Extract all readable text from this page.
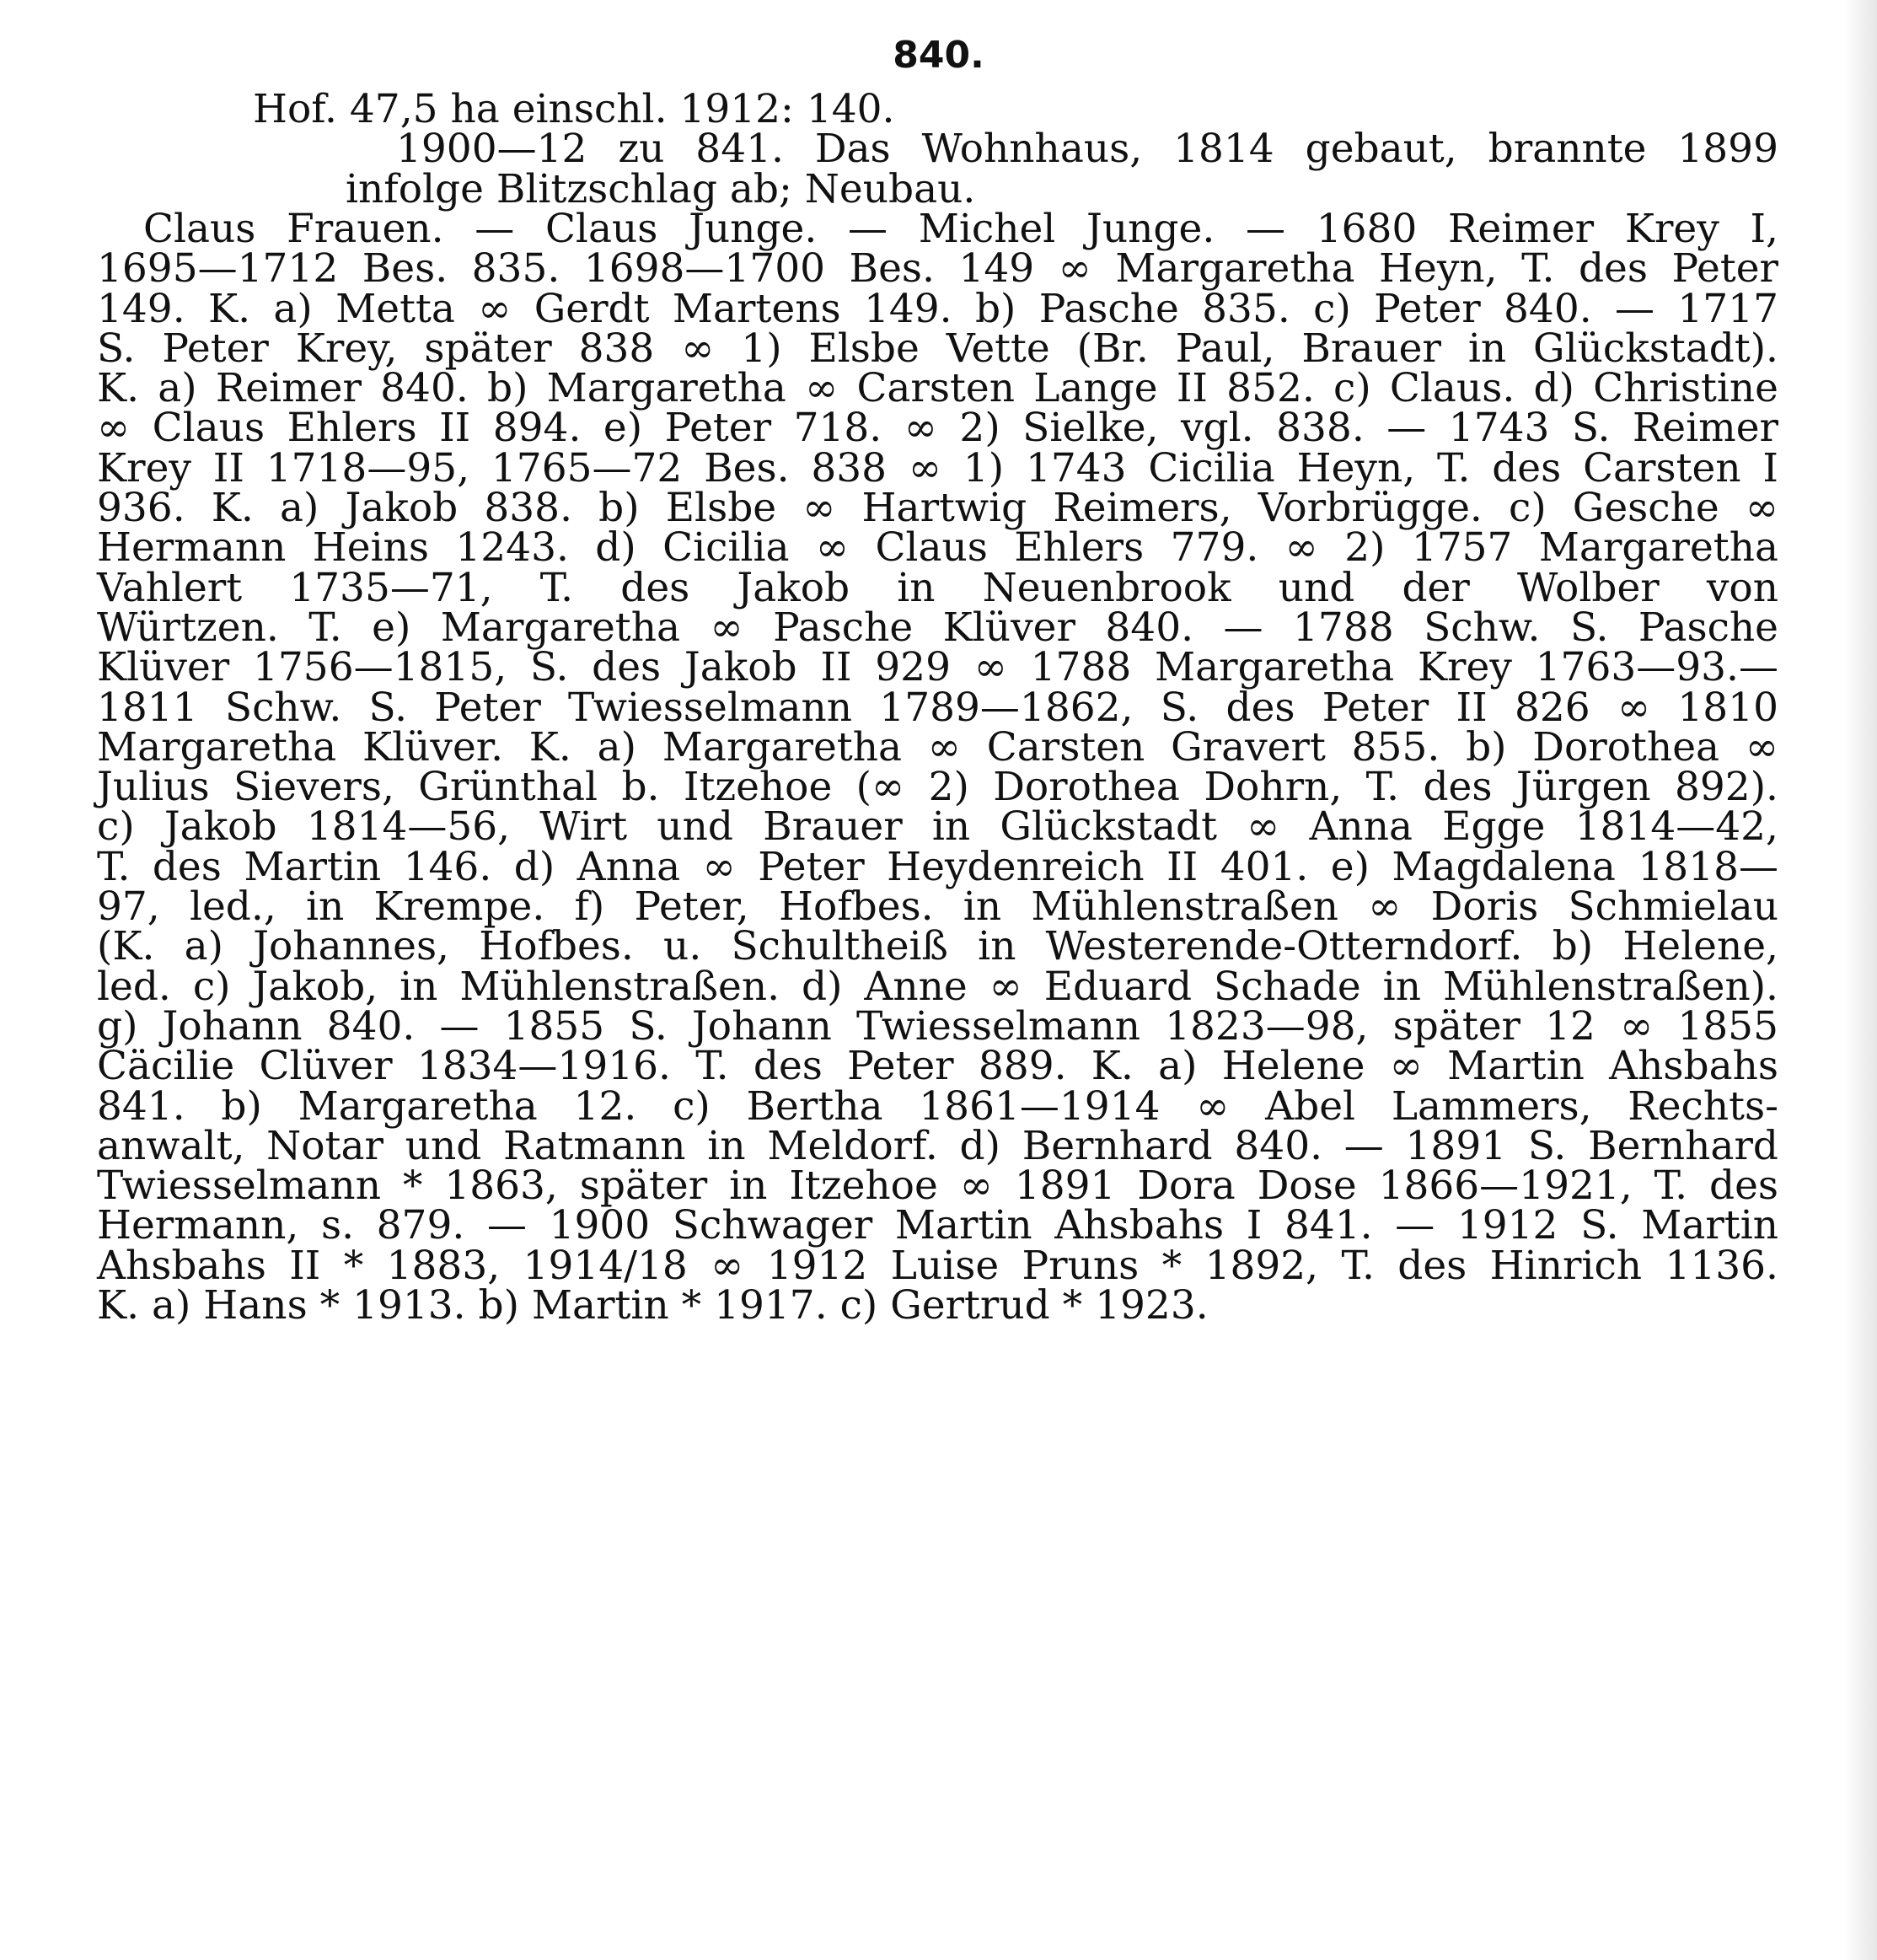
840.
Hof. 47,5 ha einschl. 1912: 140.
1900—12 zu 841. Das Wohnhaus, 1814 gebaut, brannte 1899
infolge Blitzschlag ab; Neubau.
Claus Frauen. — Claus Junge. — Michel Junge. — 1680 Reimer Krey I,
1695—1712 Bes. 835. 1698—1700 Bes. 149 ∞ Margaretha Heyn, T. des Peter
149. K. a) Metta ∞ Gerdt Martens 149. b) Pasche 835. c) Peter 840. — 1717
S. Peter Krey, später 838 ∞ 1) Elsbe Vette (Br. Paul, Brauer in Glückstadt).
K. a) Reimer 840. b) Margaretha ∞ Carsten Lange II 852. c) Claus. d) Christine
∞ Claus Ehlers II 894. e) Peter 718. ∞ 2) Sielke, vgl. 838. — 1743 S. Reimer
Krey II 1718—95, 1765—72 Bes. 838 ∞ 1) 1743 Cicilia Heyn, T. des Carsten I
936. K. a) Jakob 838. b) Elsbe ∞ Hartwig Reimers, Vorbrügge. c) Gesche ∞
Hermann Heins 1243. d) Cicilia ∞ Claus Ehlers 779. ∞ 2) 1757 Margaretha
Vahlert 1735—71, T. des Jakob in Neuenbrook und der Wolber von
Würtzen. T. e) Margaretha ∞ Pasche Klüver 840. — 1788 Schw. S. Pasche
Klüver 1756—1815, S. des Jakob II 929 ∞ 1788 Margaretha Krey 1763—93.—
1811 Schw. S. Peter Twiesselmann 1789—1862, S. des Peter II 826 ∞ 1810
Margaretha Klüver. K. a) Margaretha ∞ Carsten Gravert 855. b) Dorothea ∞
Julius Sievers, Grünthal b. Itzehoe (∞ 2) Dorothea Dohrn, T. des Jürgen 892).
c) Jakob 1814—56, Wirt und Brauer in Glückstadt ∞ Anna Egge 1814—42,
T. des Martin 146. d) Anna ∞ Peter Heydenreich II 401. e) Magdalena 1818—
97, led., in Krempe. f) Peter, Hofbes. in Mühlenstraßen ∞ Doris Schmielau
(K. a) Johannes, Hofbes. u. Schultheiß in Westerende-Otterndorf. b) Helene,
led. c) Jakob, in Mühlenstraßen. d) Anne ∞ Eduard Schade in Mühlenstraßen).
g) Johann 840. — 1855 S. Johann Twiesselmann 1823—98, später 12 ∞ 1855
Cäcilie Clüver 1834—1916. T. des Peter 889. K. a) Helene ∞ Martin Ahsbahs
841. b) Margaretha 12. c) Bertha 1861—1914 ∞ Abel Lammers, Rechts-
anwalt, Notar und Ratmann in Meldorf. d) Bernhard 840. — 1891 S. Bernhard
Twiesselmann * 1863, später in Itzehoe ∞ 1891 Dora Dose 1866—1921, T. des
Hermann, s. 879. — 1900 Schwager Martin Ahsbahs I 841. — 1912 S. Martin
Ahsbahs II * 1883, 1914/18 ∞ 1912 Luise Pruns * 1892, T. des Hinrich 1136.
K. a) Hans * 1913. b) Martin * 1917. c) Gertrud * 1923.
